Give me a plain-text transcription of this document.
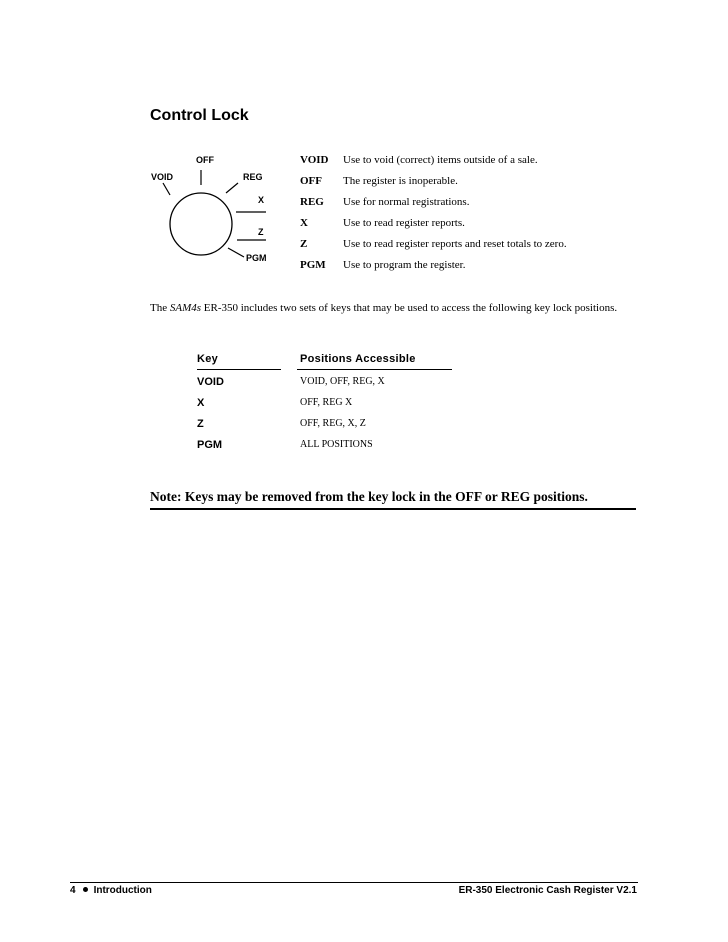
Control Lock
OFF
VOID	REG
X
Z
PGM
VOID Use to void (correct) items outside of a sale.
OFF The register is inoperable.
REG Use for normal registrations.
X	Use to read register reports.
Z	Use to read register reports and reset totals to zero.
PGM Use to program the register.
The SAM4s ER-350 includes two sets of keys that may be used to access the following key lock positions.
Key	Positions Accessible
VOID	VOID, OFF, REG, X
X	OFF, REG X
Z	OFF, REG, X, Z
PGM	ALL POSITIONS
Note: Keys may be removed from the key lock in the OFF or REG positions.
4 Introduction	ER-350 Electronic Cash Register V2.1
